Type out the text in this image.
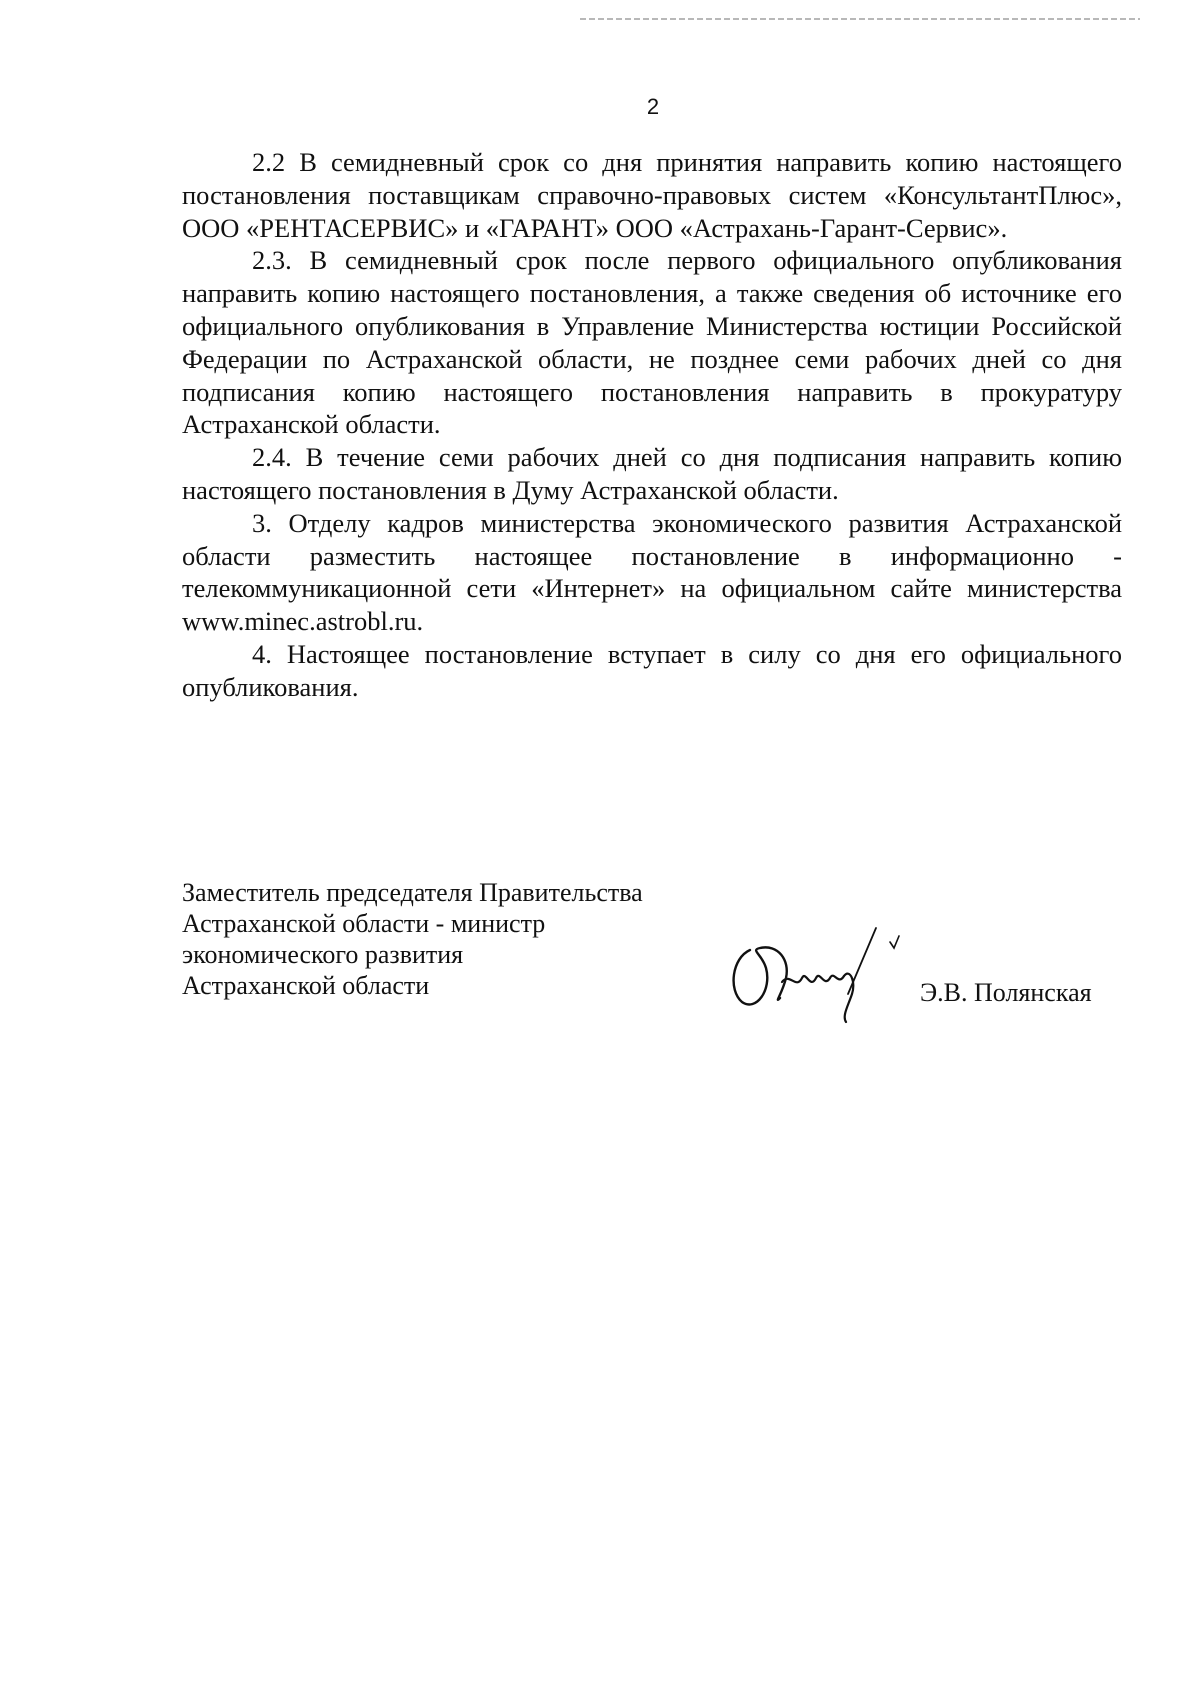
2

2.2 В семидневный срок со дня принятия направить копию настоящего постановления поставщикам справочно-правовых систем «КонсультантПлюс», ООО «РЕНТАСЕРВИС» и «ГАРАНТ» ООО «Астрахань-Гарант-Сервис».

2.3. В семидневный срок после первого официального опубликования направить копию настоящего постановления, а также сведения об источнике его официального опубликования в Управление Министерства юстиции Российской Федерации по Астраханской области, не позднее семи рабочих дней со дня подписания копию настоящего постановления направить в прокуратуру Астраханской области.

2.4. В течение семи рабочих дней со дня подписания направить копию настоящего постановления в Думу Астраханской области.

3. Отделу кадров министерства экономического развития Астраханской области разместить настоящее постановление в информационно - телекоммуникационной сети «Интернет» на официальном сайте министерства www.minec.astrobl.ru.

4. Настоящее постановление вступает в силу со дня его официального опубликования.

Заместитель председателя Правительства
Астраханской области - министр
экономического развития
Астраханской области	Э.В. Полянская
